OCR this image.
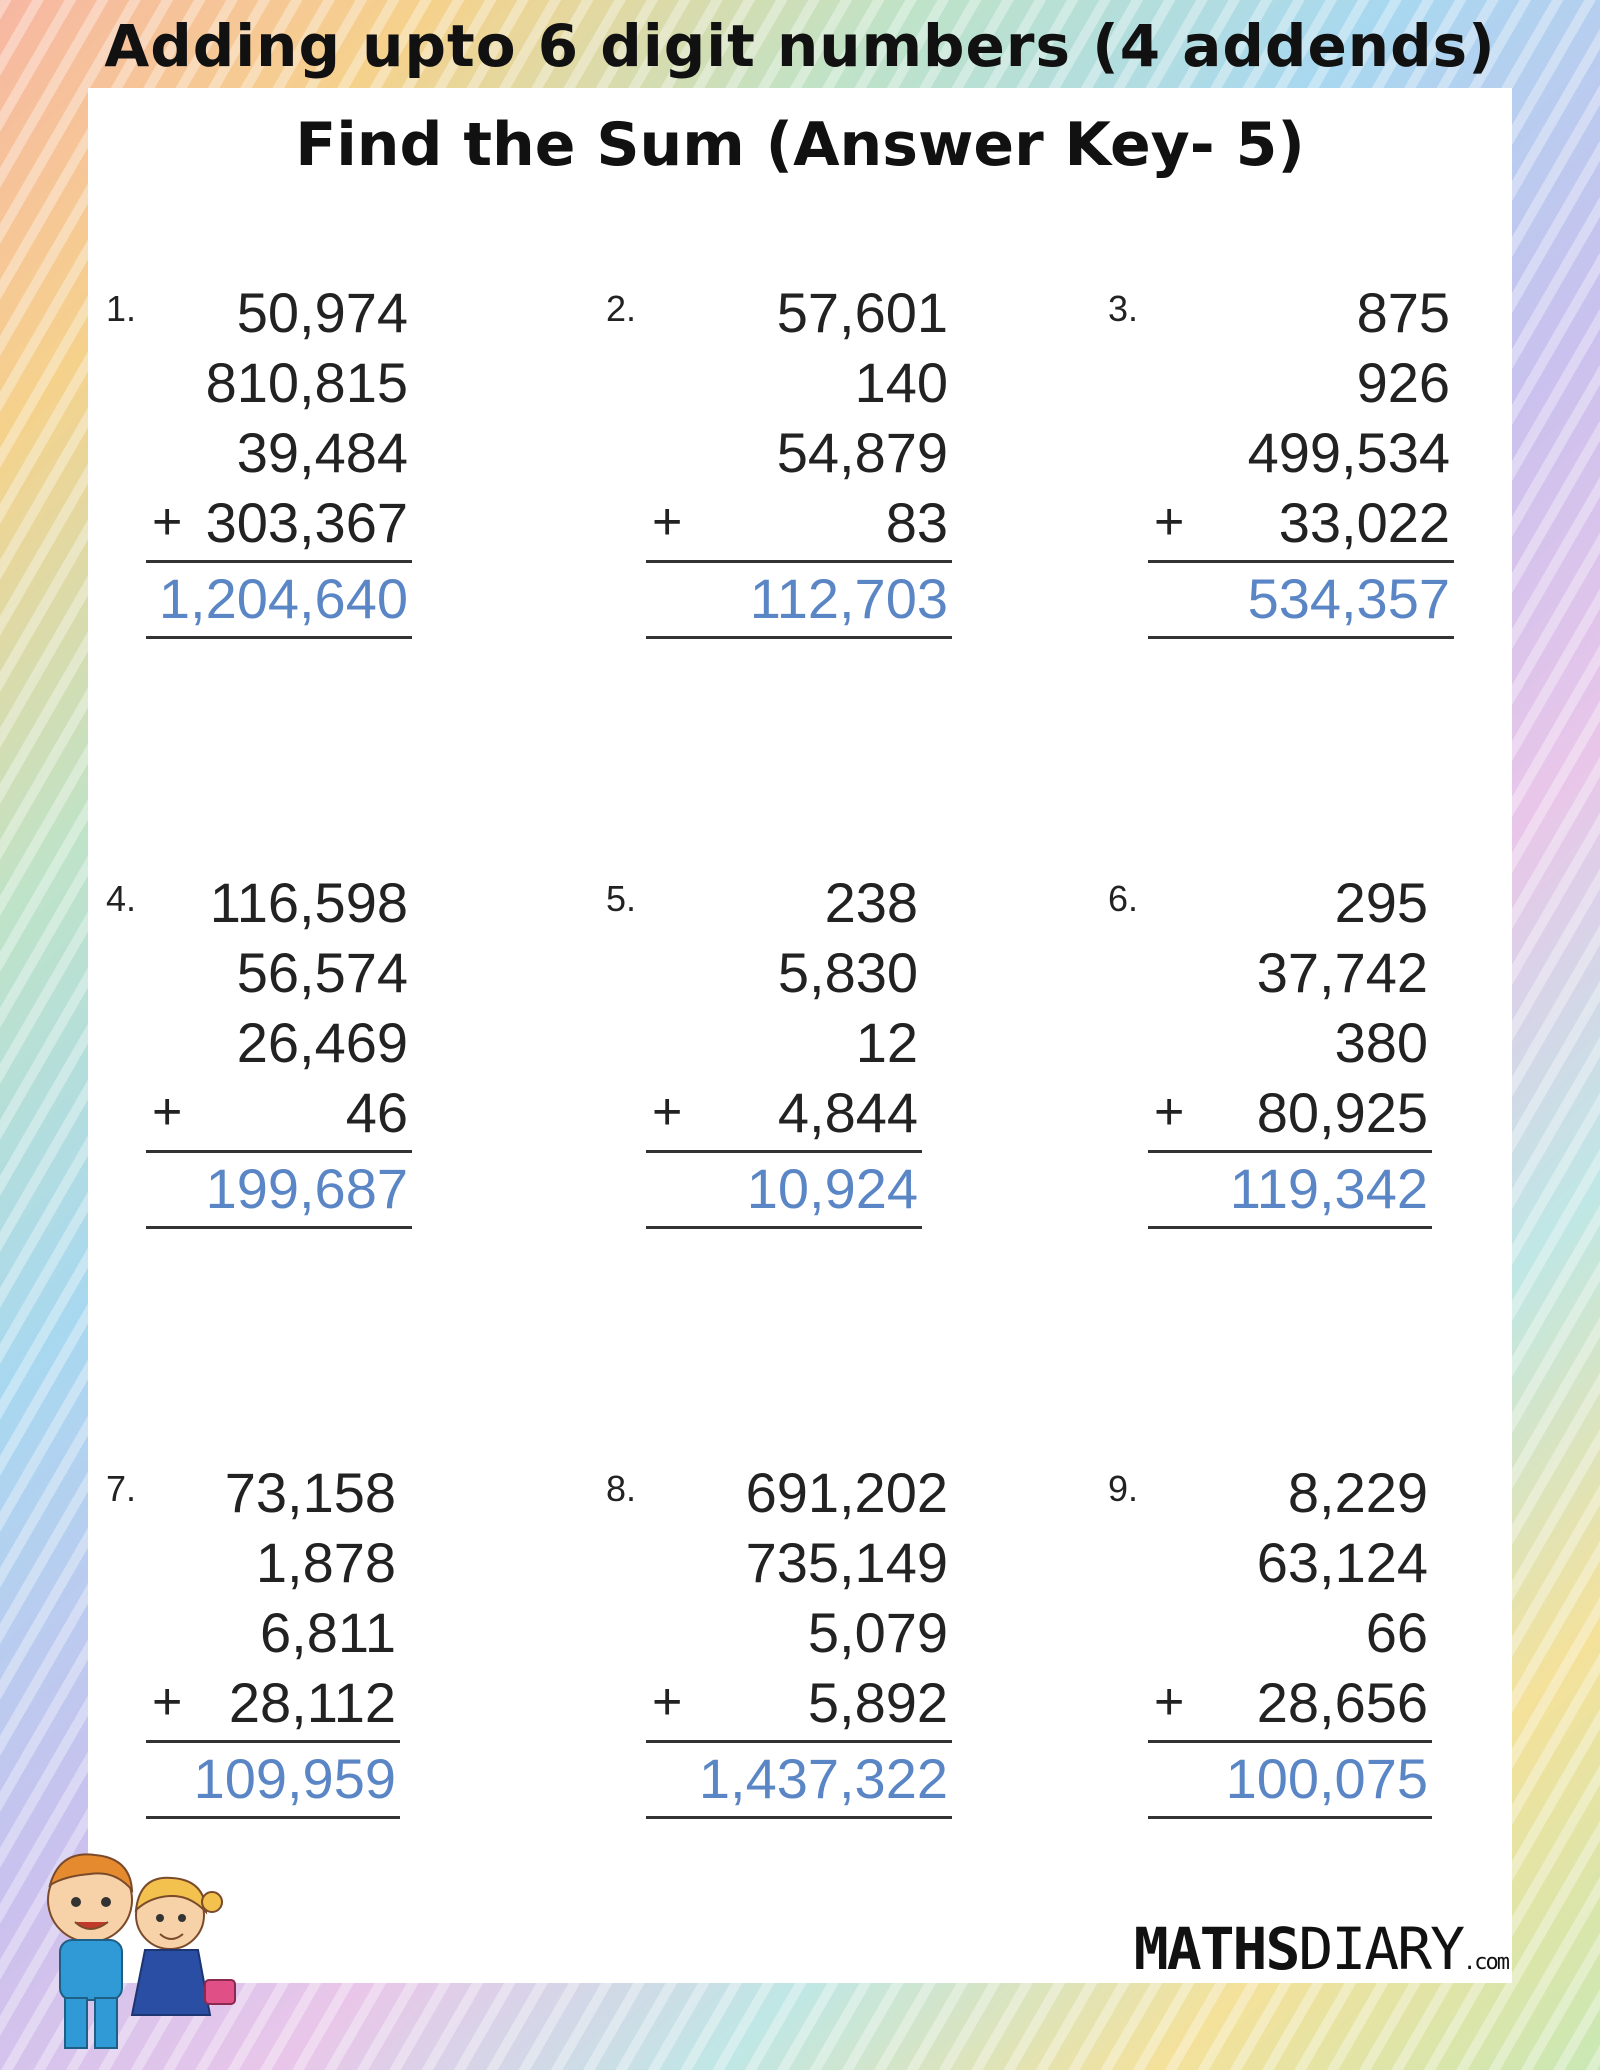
Adding upto 6 digit numbers (4 addends)
Find the Sum (Answer Key- 5)
1.	50,974
810,815
39,484
303,367
+
1,204,640
2.	57,601
140
54,879
83
+
112,703
3.	875
926
499,534
33,022
+
534,357
4.	116,598
56,574
26,469
46
+
199,687
5.	238
5,830
12
4,844
+
10,924
6.	295
37,742
380
80,925
+
119,342
7.	73,158
1,878
6,811
28,112
+
109,959
8.	691,202
735,149
5,079
5,892
+
1,437,322
9.	8,229
63,124
66
28,656
+
100,075
MATHSDIARY.com
